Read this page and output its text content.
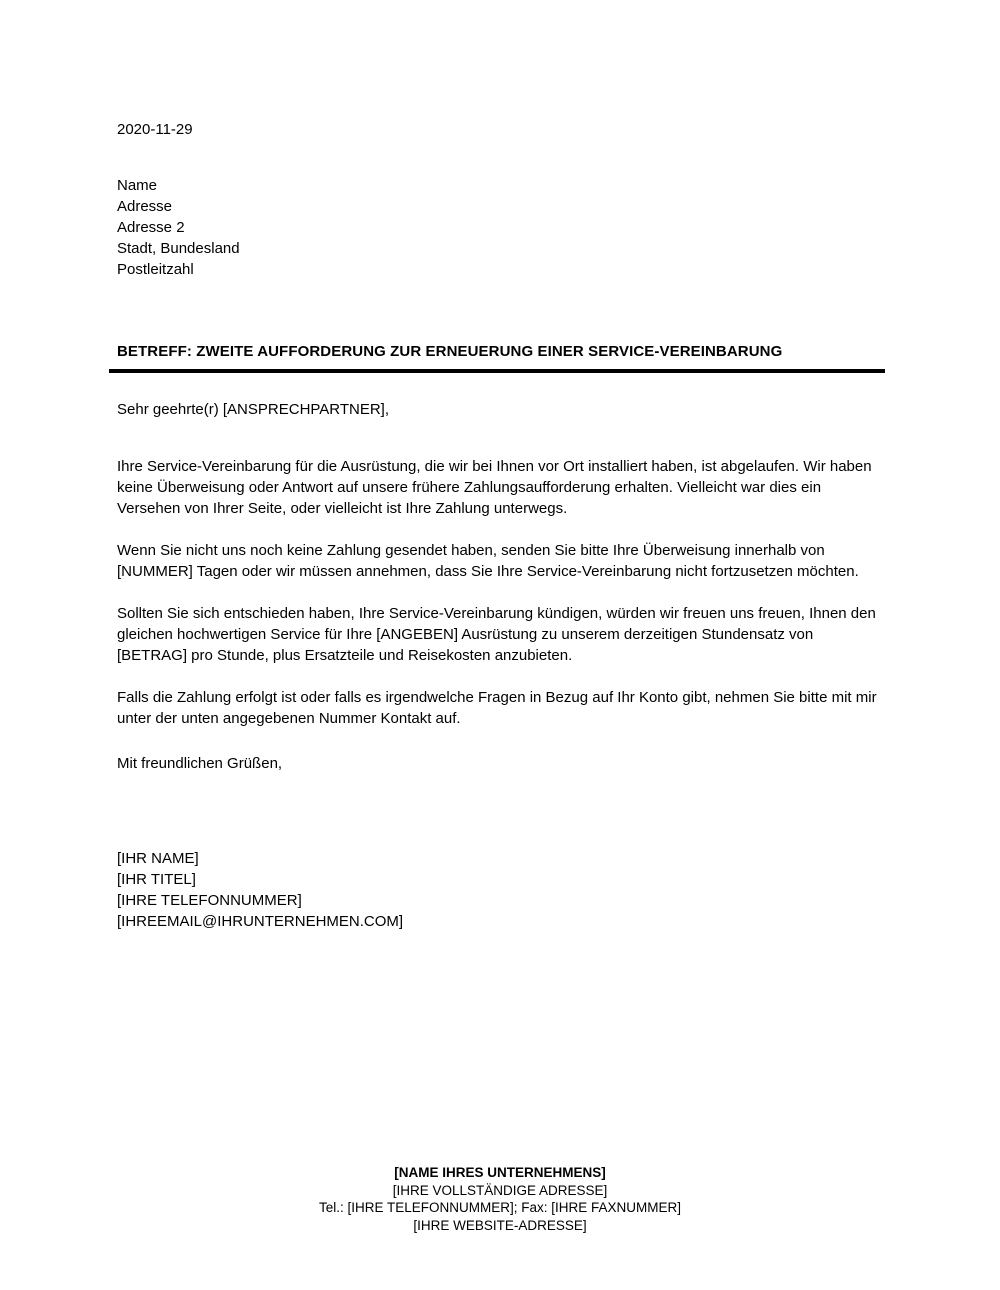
2020-11-29
Name
Adresse
Adresse 2
Stadt, Bundesland
Postleitzahl
BETREFF: ZWEITE AUFFORDERUNG ZUR ERNEUERUNG EINER SERVICE-VEREINBARUNG
Sehr geehrte(r) [ANSPRECHPARTNER],

Ihre Service-Vereinbarung für die Ausrüstung, die wir bei Ihnen vor Ort installiert haben, ist abgelaufen. Wir haben keine Überweisung oder Antwort auf unsere frühere Zahlungsaufforderung erhalten. Vielleicht war dies ein Versehen von Ihrer Seite, oder vielleicht ist Ihre Zahlung unterwegs.

Wenn Sie nicht uns noch keine Zahlung gesendet haben, senden Sie bitte Ihre Überweisung innerhalb von [NUMMER] Tagen oder wir müssen annehmen, dass Sie Ihre Service-Vereinbarung nicht fortzusetzen möchten.

Sollten Sie sich entschieden haben, Ihre Service-Vereinbarung kündigen, würden wir freuen uns freuen, Ihnen den gleichen hochwertigen Service für Ihre [ANGEBEN] Ausrüstung zu unserem derzeitigen Stundensatz von [BETRAG] pro Stunde, plus Ersatzteile und Reisekosten anzubieten.

Falls die Zahlung erfolgt ist oder falls es irgendwelche Fragen in Bezug auf Ihr Konto gibt, nehmen Sie bitte mit mir unter der unten angegebenen Nummer Kontakt auf.

Mit freundlichen Grüßen,
[IHR NAME]
[IHR TITEL]
[IHRE TELEFONNUMMER]
[IHREEMAIL@IHRUNTERNEHMEN.COM]
[NAME IHRES UNTERNEHMENS]
[IHRE VOLLSTÄNDIGE ADRESSE]
Tel.: [IHRE TELEFONNUMMER]; Fax: [IHRE FAXNUMMER]
[IHRE WEBSITE-ADRESSE]
